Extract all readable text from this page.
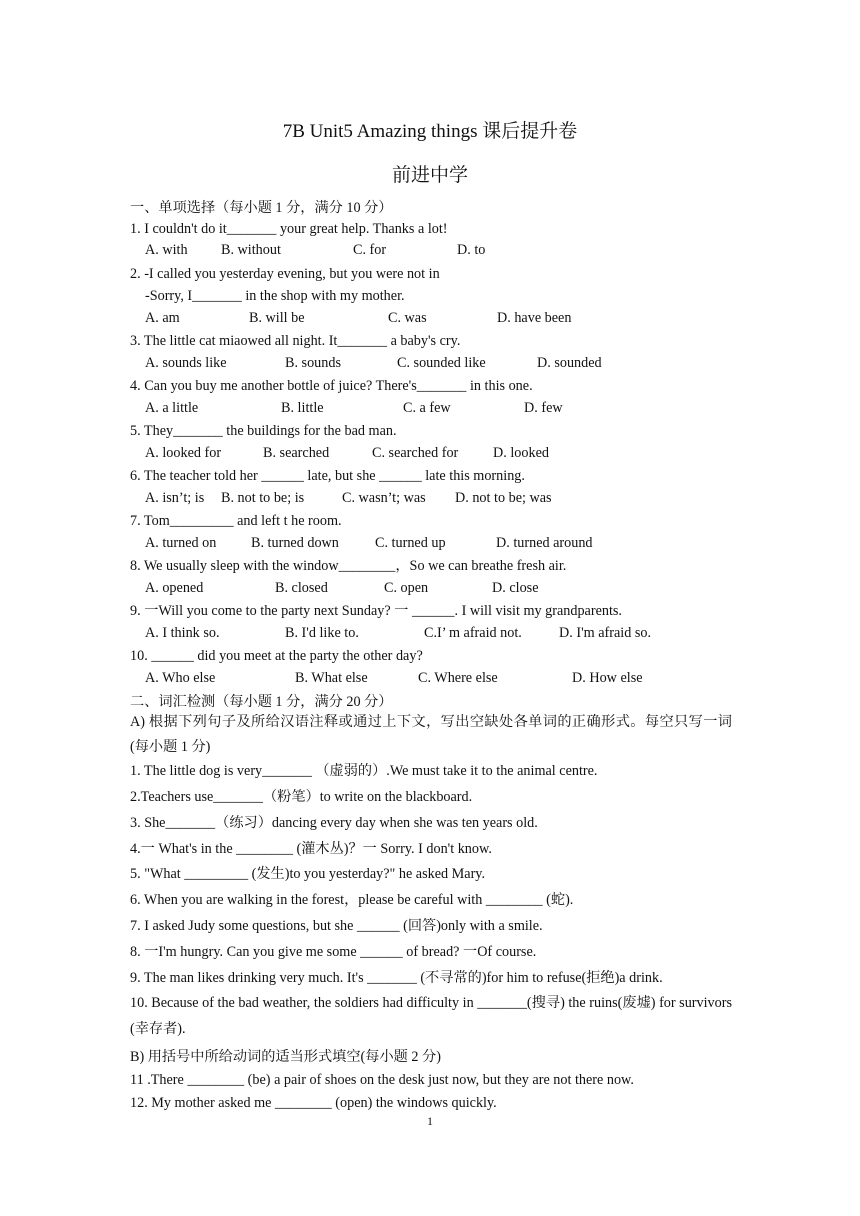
7B Unit5 Amazing things 课后提升卷
前进中学
一、单项选择（每小题 1 分，满分 10 分）
1. I couldn't do it_______ your great help. Thanks a lot!
A. with B. without	C. for	D. to
2. -I called you yesterday evening, but you were not in
-Sorry, I_______ in the shop with my mother.
A. am	B. will be	C. was	D. have been
3. The little cat miaowed all night. It_______ a baby's cry.
A. sounds like	B. sounds	C. sounded like	D. sounded
4. Can you buy me another bottle of juice? There's_______ in this one.
A. a little	B. little	C. a few	D. few
5. They_______ the buildings for the bad man.
A. looked for	B. searched	C. searched for D. looked
6. The teacher told her ______ late, but she ______ late this morning.
A. isn’t; is B. not to be; is	C. wasn’t; was D. not to be; was
7. Tom_________ and left t he room.
A. turned on B. turned down	C. turned up	D. turned around
8. We usually sleep with the window________，So we can breathe fresh air.
A. opened	B. closed	C. open	D. close
9. 一Will you come to the party next Sunday? 一 ______. I will visit my grandparents.
A. I think so.	B. I'd like to.	C.I’ m afraid not.	D. I'm afraid so.
10. ______ did you meet at the party the other day?
A. Who else	B. What else	C. Where else	D. How else
二、词汇检测（每小题 1 分，满分 20 分）
A) 根据下列句子及所给汉语注释或通过上下文，写出空缺处各单词的正确形式。每空只写一词(每小题 1 分)
1. The little dog is very_______ （虚弱的）.We must take it to the animal centre.
2.Teachers use_______（粉笔）to write on the blackboard.
3. She_______（练习）dancing every day when she was ten years old.
4.一 What's in the ________ (灌木丛)？一 Sorry. I don't know.
5. "What _________ (发生)to you yesterday?" he asked Mary.
6. When you are walking in the forest，please be careful with ________ (蛇).
7. I asked Judy some questions, but she ______ (回答)only with a smile.
8. 一I'm hungry. Can you give me some ______ of bread? 一Of course.
9. The man likes drinking very much. It's _______ (不寻常的)for him to refuse(拒绝)a drink.
10. Because of the bad weather, the soldiers had difficulty in _______(搜寻) the ruins(废墟) for survivors (幸存者).
B) 用括号中所给动词的适当形式填空(每小题 2 分)
11 .There ________ (be) a pair of shoes on the desk just now, but they are not there now.
12. My mother asked me ________ (open) the windows quickly.
1
